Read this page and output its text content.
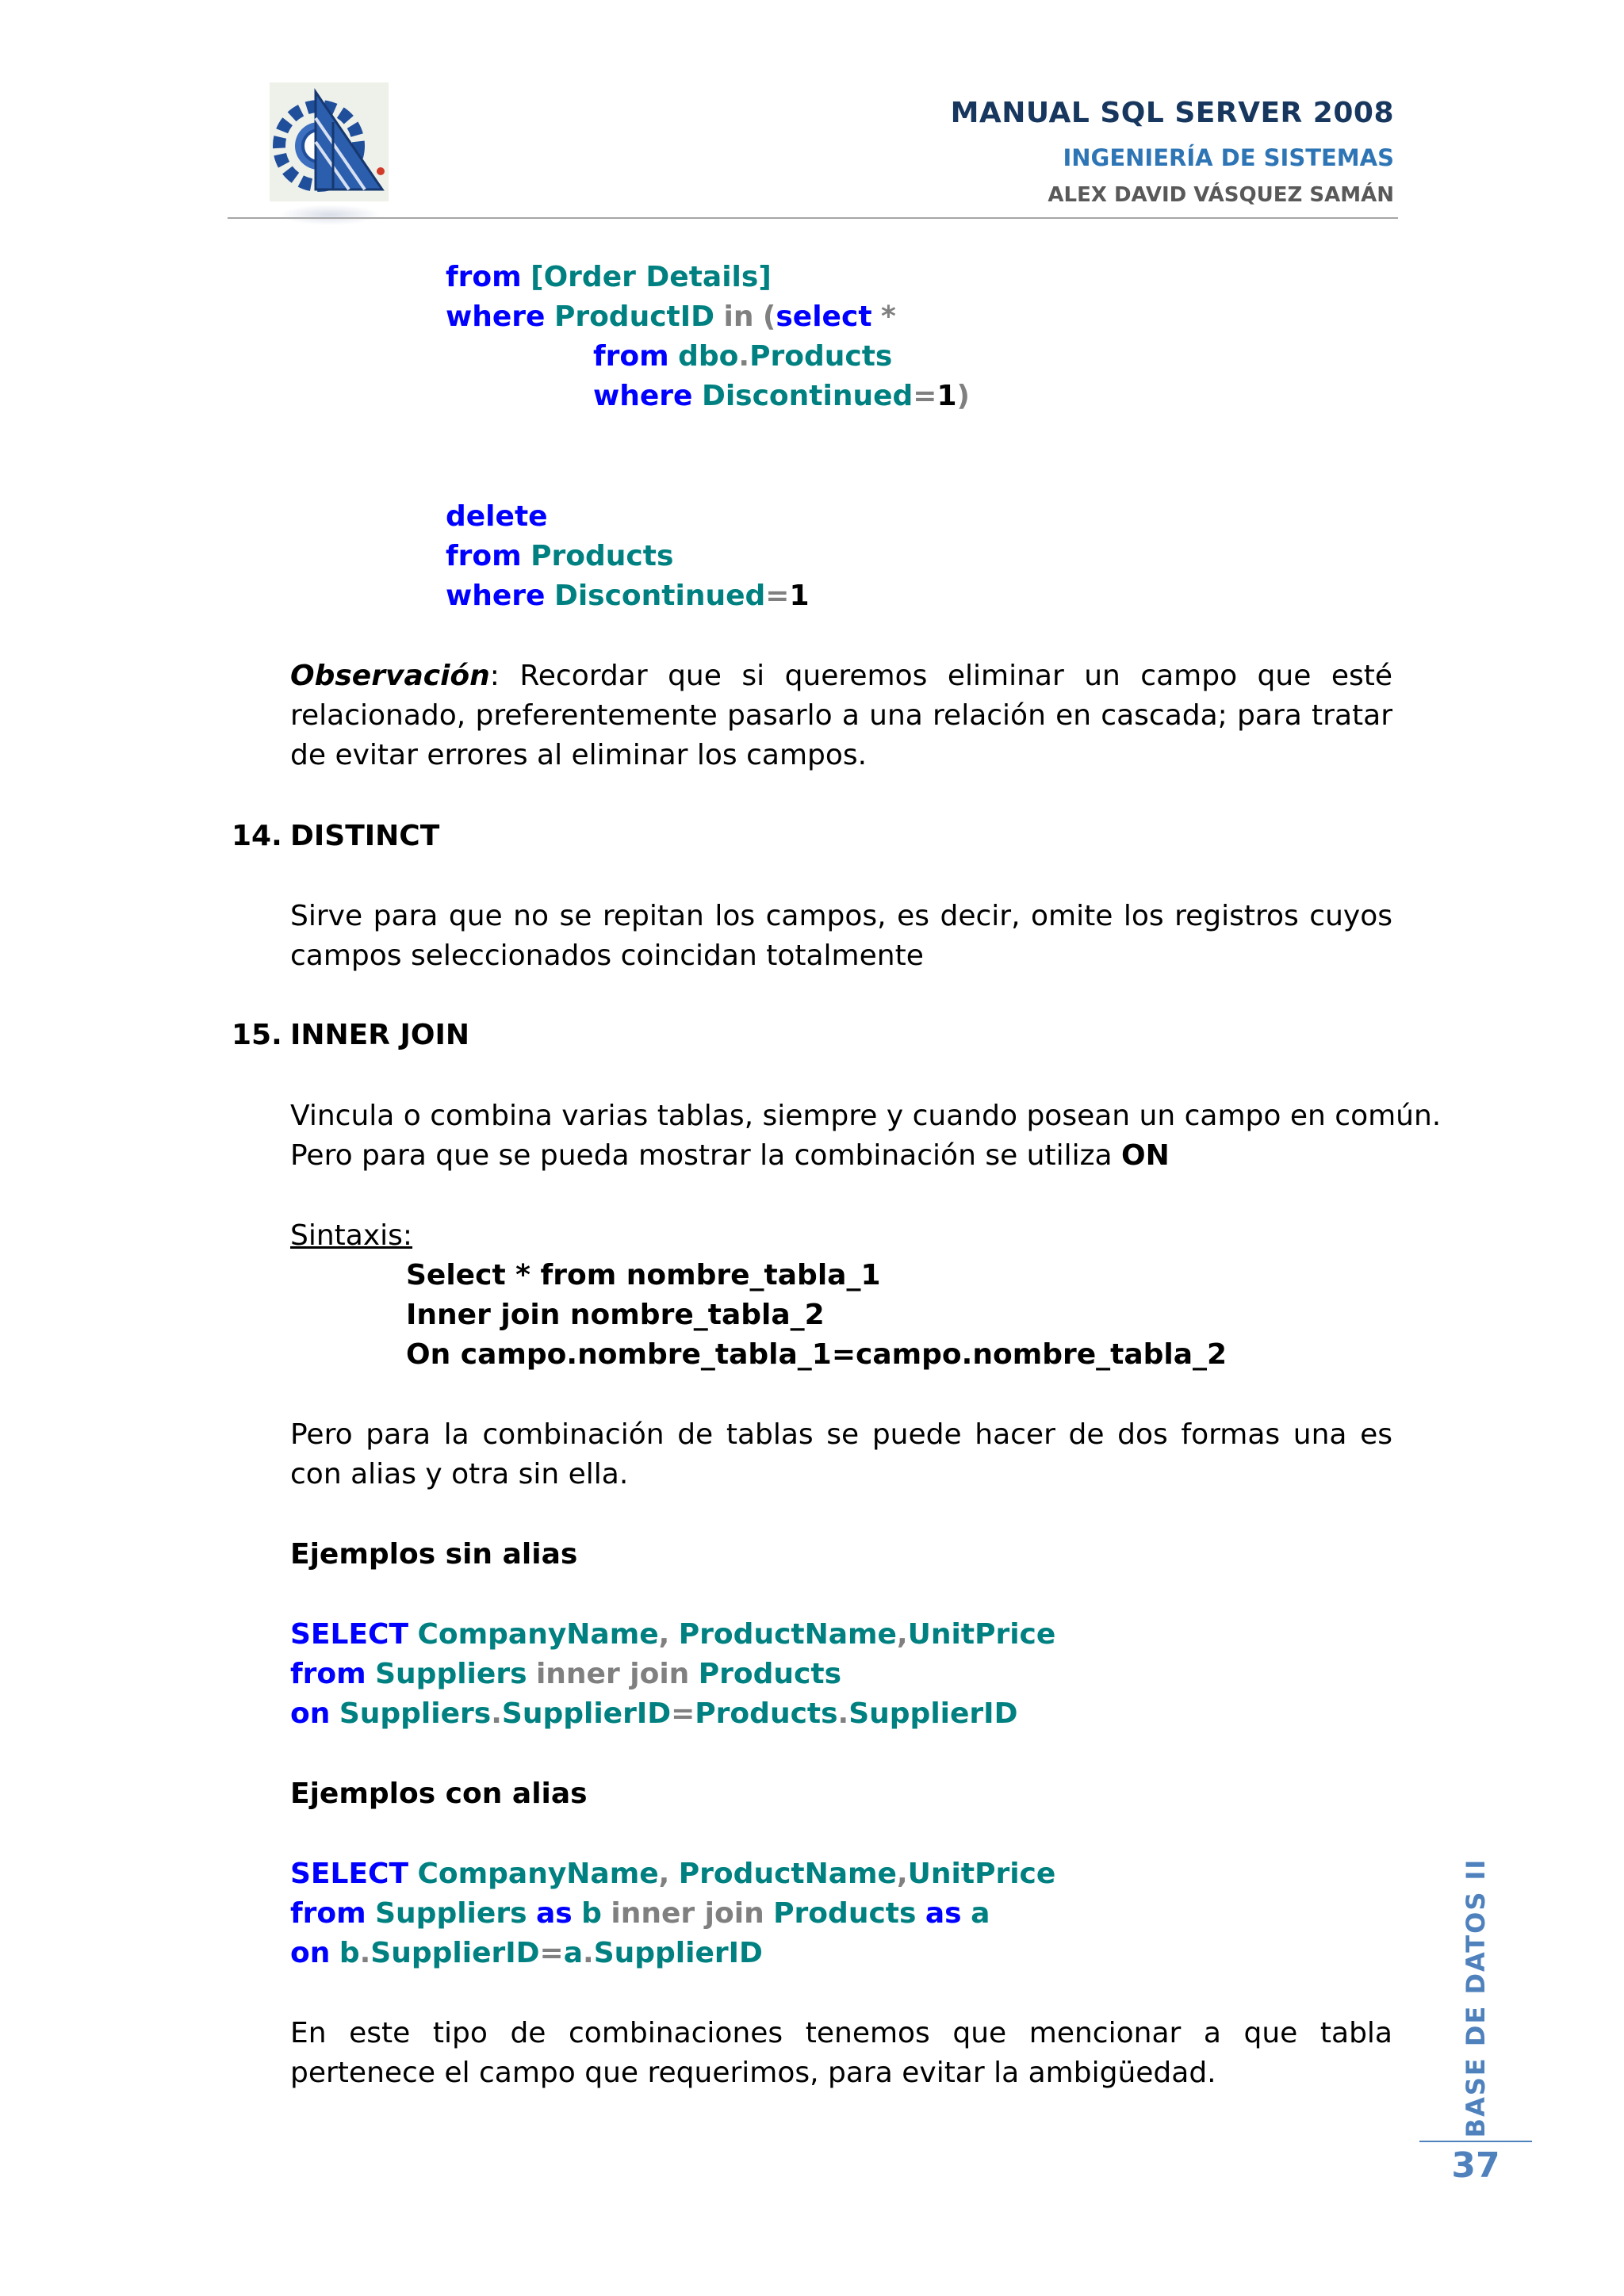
MANUAL SQL SERVER 2008
INGENIERÍA DE SISTEMAS
ALEX DAVID VÁSQUEZ SAMÁN
from [Order Details]
where ProductID in (select *
from dbo.Products
where Discontinued=1)
delete
from Products
where Discontinued=1
Observación: Recordar que si queremos eliminar un campo que esté relacionado, preferentemente pasarlo a una relación en cascada; para tratar de evitar errores al eliminar los campos.
14. DISTINCT
Sirve para que no se repitan los campos, es decir, omite los registros cuyos campos seleccionados coincidan totalmente
15. INNER JOIN
Vincula o combina varias tablas, siempre y cuando posean un campo en común.
Pero para que se pueda mostrar la combinación se utiliza ON
Sintaxis:
Select * from nombre_tabla_1
Inner join nombre_tabla_2
On campo.nombre_tabla_1=campo.nombre_tabla_2
Pero para la combinación de tablas se puede hacer de dos formas una es con alias y otra sin ella.
Ejemplos sin alias
SELECT CompanyName, ProductName,UnitPrice
from Suppliers inner join Products
on Suppliers.SupplierID=Products.SupplierID
Ejemplos con alias
SELECT CompanyName, ProductName,UnitPrice
from Suppliers as b inner join Products as a
on b.SupplierID=a.SupplierID
En este tipo de combinaciones tenemos que mencionar a que tabla pertenece el campo que requerimos, para evitar la ambigüedad.	BASE DE DATOS II
37
